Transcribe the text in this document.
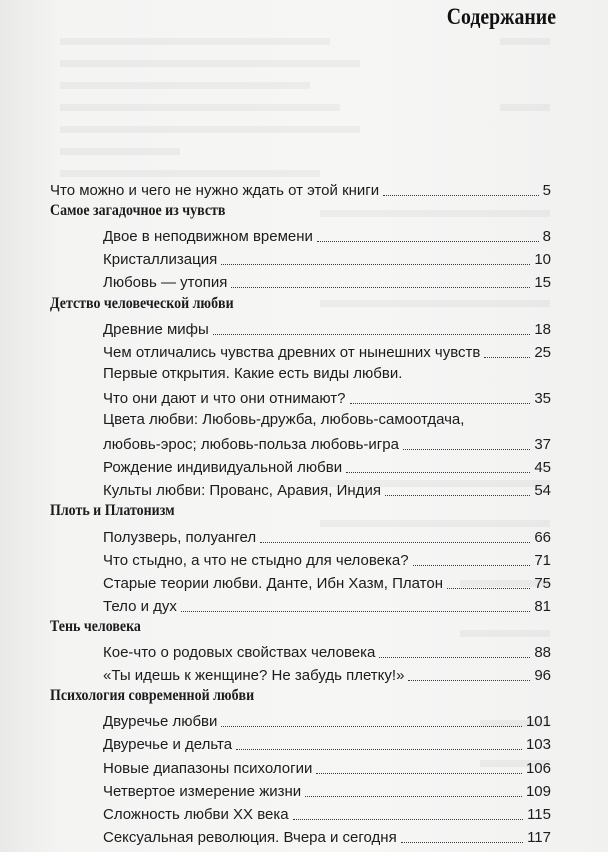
Содержание
Что можно и чего не нужно ждать от этой книги	5
Самое загадочное из чувств
Двое в неподвижном времени	8
Кристаллизация	10
Любовь — утопия	15
Детство человеческой любви
Древние мифы	18
Чем отличались чувства древних от нынешних чувств	25
Первые открытия. Какие есть виды любви.
Что они дают и что они отнимают?	35
Цвета любви: Любовь-дружба, любовь-самоотдача,
любовь-эрос; любовь-польза любовь-игра	37
Рождение индивидуальной любви	45
Культы любви: Прованс, Аравия, Индия	54
Плоть и Платонизм
Полузверь, полуангел	66
Что стыдно, а что не стыдно для человека?	71
Старые теории любви. Данте, Ибн Хазм, Платон	75
Тело и дух	81
Тень человека
Кое-что о родовых свойствах человека	88
«Ты идешь к женщине? Не забудь плетку!»	96
Психология современной любви
Двуречье любви	101
Двуречье и дельта	103
Новые диапазоны психологии	106
Четвертое измерение жизни	109
Сложность любви XX века	115
Сексуальная революция. Вчера и сегодня	117
